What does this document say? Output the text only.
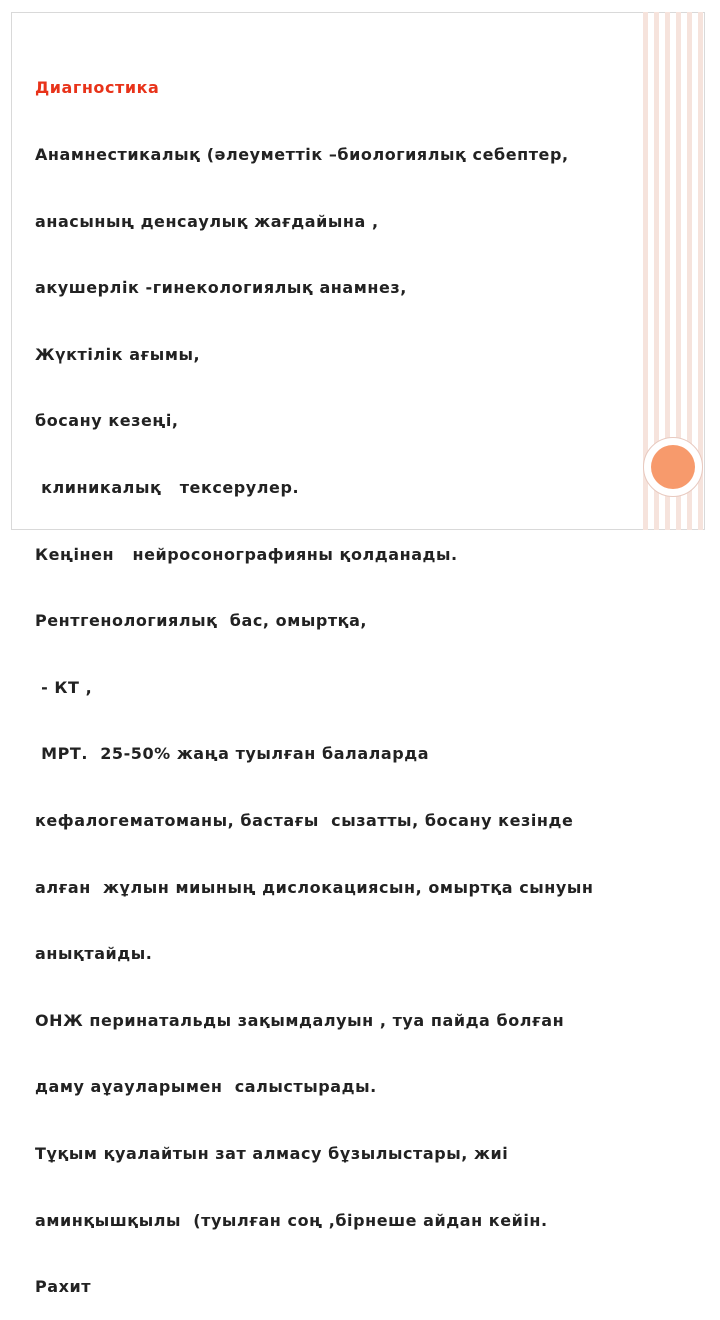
Диагностика

Анамнестикалық (әлеуметтік –биологиялық себептер,

анасының денсаулық жағдайына ,

акушерлік -гинекологиялық анамнез,

Жүктілік ағымы,

босану кезеңі,

клиникалық   тексерулер.

Кеңінен   нейросонографияны қолданады.

Рентгенологиялық  бас, омыртқа,

- КТ ,

МРТ.  25-50% жаңа туылған балаларда

кефалогематоманы, бастағы  сызатты, босану кезінде

алған  жұлын миының дислокациясын, омыртқа сынуын

анықтайды.

ОНЖ перинатальды зақымдалуын , туа пайда болған

даму аұауларымен  салыстырады.

Тұқым қуалайтын зат алмасу бұзылыстары, жиі

аминқышқылы  (туылған соң ,бірнеше айдан кейін.

Рахит
